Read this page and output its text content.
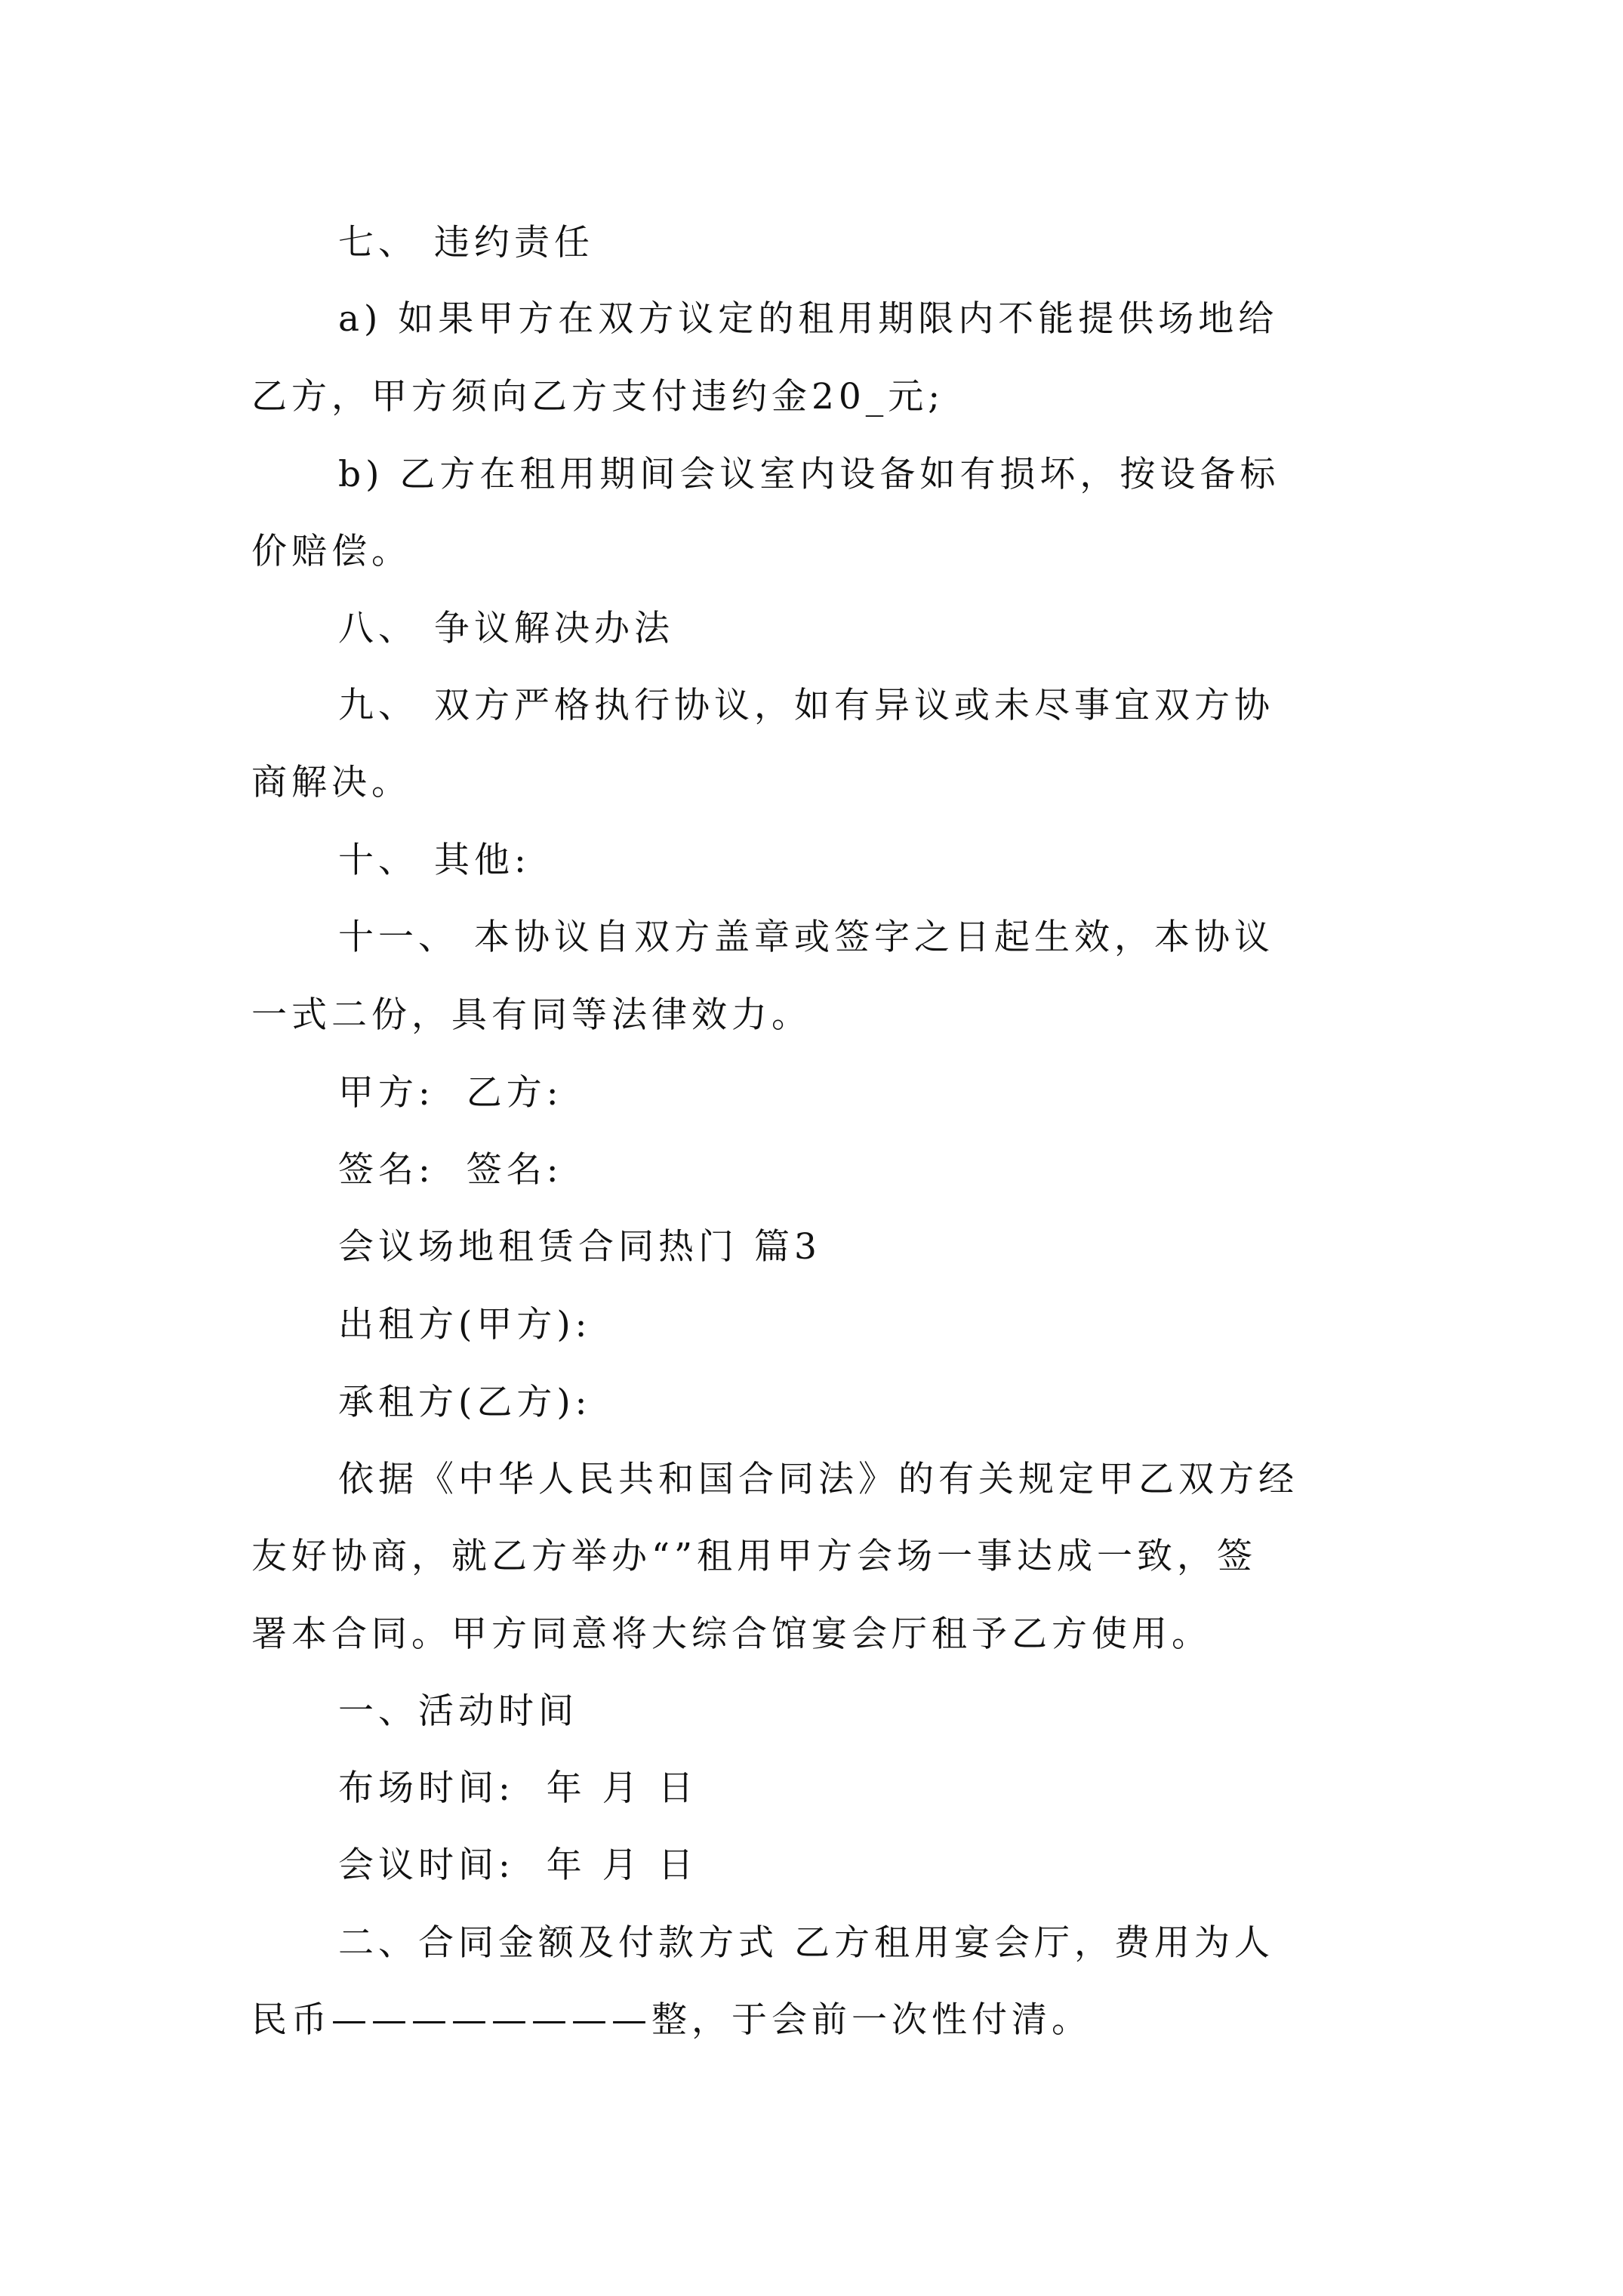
七、 违约责任
a) 如果甲方在双方议定的租用期限内不能提供场地给
乙方，甲方须向乙方支付违约金20_元;
b) 乙方在租用期间会议室内设备如有损坏，按设备标
价赔偿。
八、 争议解决办法
九、 双方严格执行协议，如有异议或未尽事宜双方协
商解决。
十、 其他:
十一、 本协议自双方盖章或签字之日起生效，本协议
一式二份，具有同等法律效力。
甲方:  乙方:
签名:  签名:
会议场地租赁合同热门 篇3
出租方(甲方):
承租方(乙方):
依据《中华人民共和国合同法》的有关规定甲乙双方经
友好协商，就乙方举办“”租用甲方会场一事达成一致，签
署本合同。甲方同意将大综合馆宴会厅租予乙方使用。
一、活动时间
布场时间:  年 月 日
会议时间:  年 月 日
二、合同金额及付款方式 乙方租用宴会厅，费用为人
民币————————整，于会前一次性付清。
